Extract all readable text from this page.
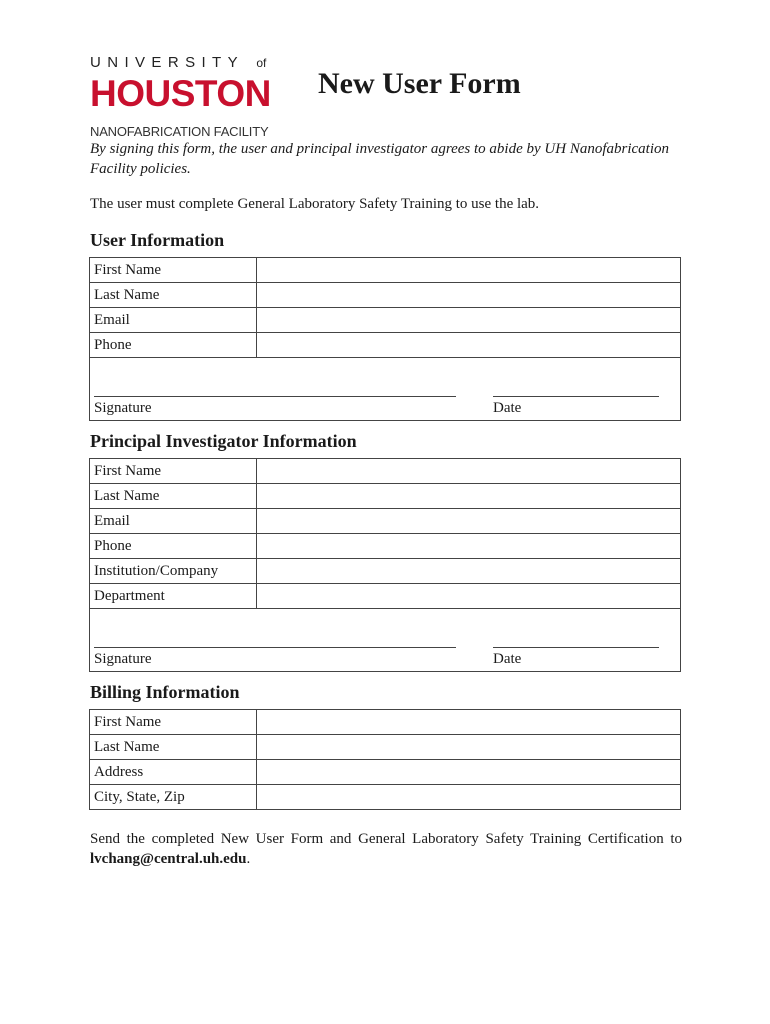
UNIVERSITY of
HOUSTON
NANOFABRICATION FACILITY
New User Form

By signing this form, the user and principal investigator agrees to abide by UH Nanofabrication Facility policies.

The user must complete General Laboratory Safety Training to use the lab.

User Information
First Name	
Last Name	
Email	
Phone	
Signature	Date
Principal Investigator Information
First Name	
Last Name	
Email	
Phone	
Institution/Company	
Department	
Signature	Date
Billing Information
First Name	
Last Name	
Address	
City, State, Zip	

Send the completed New User Form and General Laboratory Safety Training Certification to lvchang@central.uh.edu.
